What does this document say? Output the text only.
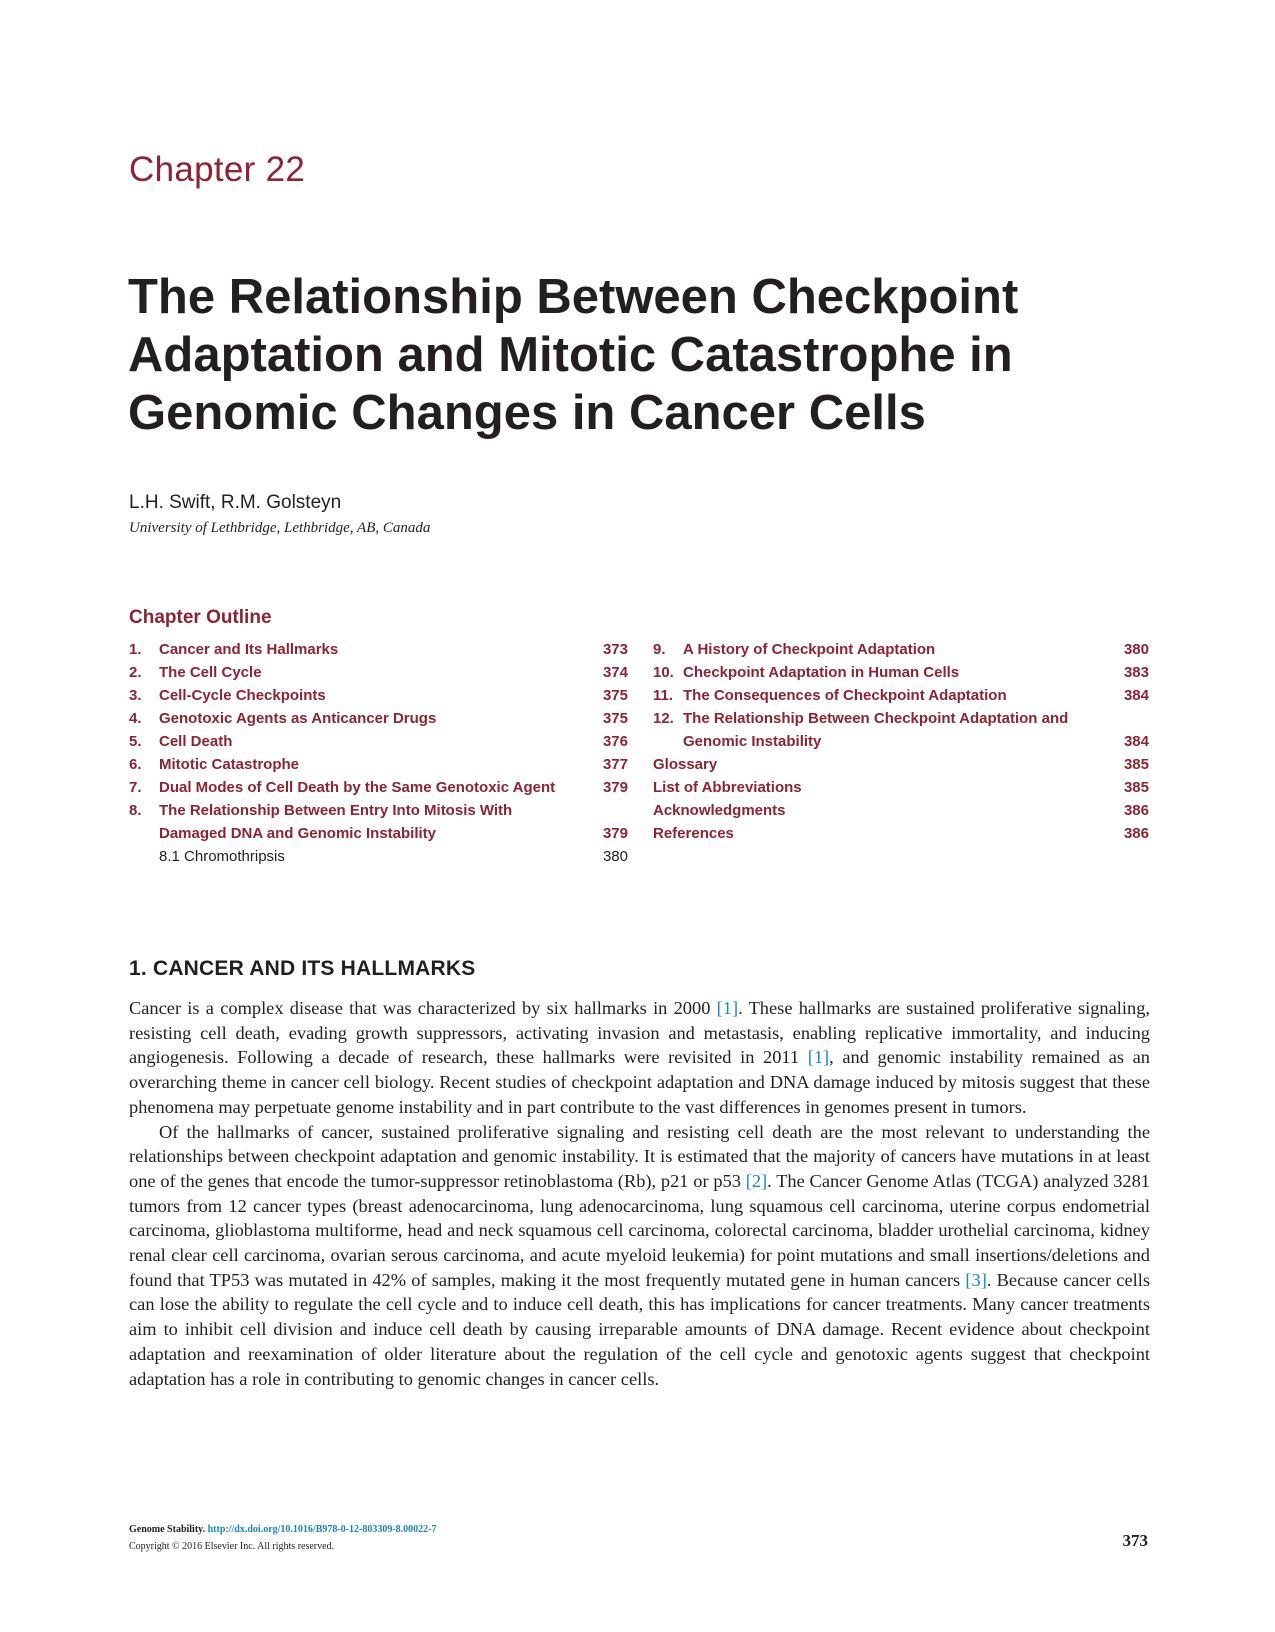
Chapter 22
The Relationship Between Checkpoint
Adaptation and Mitotic Catastrophe in
Genomic Changes in Cancer Cells
L.H. Swift, R.M. Golsteyn
University of Lethbridge, Lethbridge, AB, Canada
Chapter Outline
1. Cancer and Its Hallmarks	373
2. The Cell Cycle	374
3. Cell-Cycle Checkpoints	375
4. Genotoxic Agents as Anticancer Drugs	375
5. Cell Death	376
6. Mitotic Catastrophe	377
7. Dual Modes of Cell Death by the Same Genotoxic Agent	379
8. The Relationship Between Entry Into Mitosis With
Damaged DNA and Genomic Instability	379
8.1 Chromothripsis	380
9. A History of Checkpoint Adaptation	380
10. Checkpoint Adaptation in Human Cells	383
11. The Consequences of Checkpoint Adaptation	384
12. The Relationship Between Checkpoint Adaptation and
Genomic Instability	384
Glossary	385
List of Abbreviations	385
Acknowledgments	386
References	386
1. CANCER AND ITS HALLMARKS

Cancer is a complex disease that was characterized by six hallmarks in 2000 [1]. These hallmarks are sustained proliferative signaling, resisting cell death, evading growth suppressors, activating invasion and metastasis, enabling replicative immortality, and inducing angiogenesis. Following a decade of research, these hallmarks were revisited in 2011 [1], and genomic instability remained as an overarching theme in cancer cell biology. Recent studies of checkpoint adaptation and DNA damage induced by mitosis suggest that these phenomena may perpetuate genome instability and in part contribute to the vast differences in genomes present in tumors.

Of the hallmarks of cancer, sustained proliferative signaling and resisting cell death are the most relevant to understanding the relationships between checkpoint adaptation and genomic instability. It is estimated that the majority of cancers have mutations in at least one of the genes that encode the tumor-suppressor retinoblastoma (Rb), p21 or p53 [2]. The Cancer Genome Atlas (TCGA) analyzed 3281 tumors from 12 cancer types (breast adenocarcinoma, lung adenocarcinoma, lung squamous cell carcinoma, uterine corpus endometrial carcinoma, glioblastoma multiforme, head and neck squamous cell carcinoma, colorectal carcinoma, bladder urothelial carcinoma, kidney renal clear cell carcinoma, ovarian serous carcinoma, and acute myeloid leukemia) for point mutations and small insertions/deletions and found that TP53 was mutated in 42% of samples, making it the most frequently mutated gene in human cancers [3]. Because cancer cells can lose the ability to regulate the cell cycle and to induce cell death, this has implications for cancer treatments. Many cancer treatments aim to inhibit cell division and induce cell death by causing irreparable amounts of DNA damage. Recent evidence about checkpoint adaptation and reexamination of older literature about the regulation of the cell cycle and genotoxic agents suggest that checkpoint adaptation has a role in contributing to genomic changes in cancer cells.

Genome Stability. http://dx.doi.org/10.1016/B978-0-12-803309-8.00022-7
Copyright © 2016 Elsevier Inc. All rights reserved.	373
